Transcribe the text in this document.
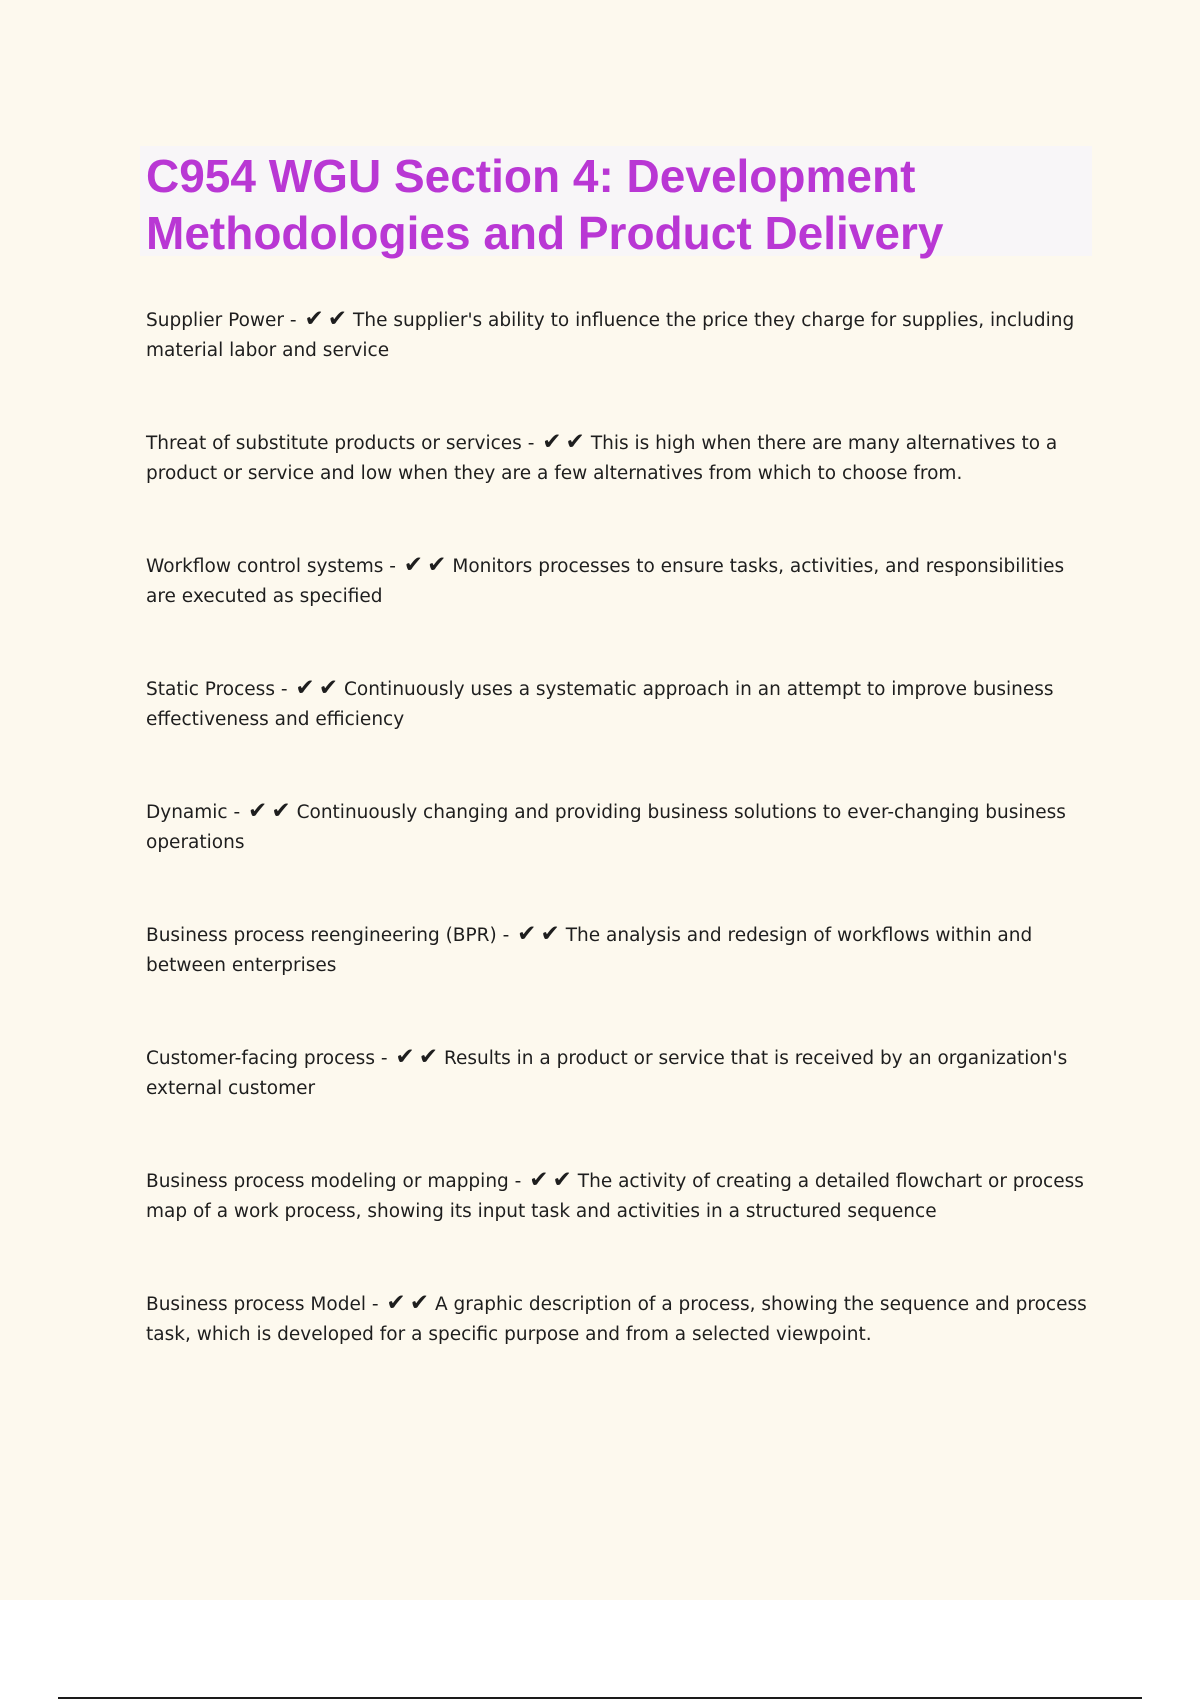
C954 WGU Section 4: Development Methodologies and Product Delivery
Supplier Power - ✔ ✔ The supplier's ability to influence the price they charge for supplies, including material labor and service
Threat of substitute products or services - ✔ ✔ This is high when there are many alternatives to a product or service and low when they are a few alternatives from which to choose from.
Workflow control systems - ✔ ✔ Monitors processes to ensure tasks, activities, and responsibilities are executed as specified
Static Process - ✔ ✔ Continuously uses a systematic approach in an attempt to improve business effectiveness and efficiency
Dynamic - ✔ ✔ Continuously changing and providing business solutions to ever-changing business operations
Business process reengineering (BPR) - ✔ ✔ The analysis and redesign of workflows within and between enterprises
Customer-facing process - ✔ ✔ Results in a product or service that is received by an organization's external customer
Business process modeling or mapping - ✔ ✔ The activity of creating a detailed flowchart or process map of a work process, showing its input task and activities in a structured sequence
Business process Model - ✔ ✔ A graphic description of a process, showing the sequence and process task, which is developed for a specific purpose and from a selected viewpoint.
